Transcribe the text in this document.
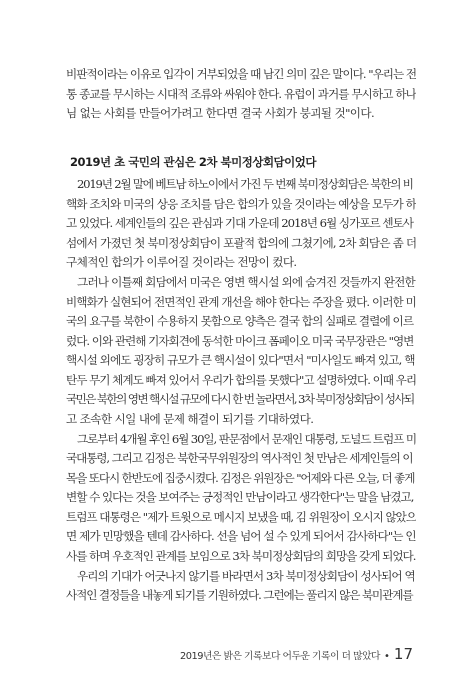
비판적이라는 이유로 입각이 거부되었을 때 남긴 의미 깊은 말이다. "우리는 전
통 종교를 무시하는 시대적 조류와 싸워야 한다. 유럽이 과거를 무시하고 하나
님 없는 사회를 만들어가려고 한다면 결국 사회가 붕괴될 것"이다.
2019년 초 국민의 관심은 2차 북미정상회담이었다
2019년 2월 말에 베트남 하노이에서 가진 두 번째 북미정상회담은 북한의 비
핵화 조치와 미국의 상응 조치를 담은 합의가 있을 것이라는 예상을 모두가 하
고 있었다. 세계인들의 깊은 관심과 기대 가운데 2018년 6월 싱가포르 센토사
섬에서 가졌던 첫 북미정상회담이 포괄적 합의에 그쳤기에, 2차 회담은 좀 더
구체적인 합의가 이루어질 것이라는 전망이 컸다.
그러나 이틀째 회담에서 미국은 영변 핵시설 외에 숨겨진 것들까지 완전한
비핵화가 실현되어 전면적인 관계 개선을 해야 한다는 주장을 폈다. 이러한 미
국의 요구를 북한이 수용하지 못함으로 양측은 결국 합의 실패로 결렬에 이르
렀다. 이와 관련해 기자회견에 동석한 마이크 폼페이오 미국 국무장관은 "영변
핵시설 외에도 굉장히 규모가 큰 핵시설이 있다"면서 "미사일도 빠져 있고, 핵
탄두 무기 체계도 빠져 있어서 우리가 합의를 못했다"고 설명하였다. 이때 우리
국민은 북한의 영변 핵시설 규모에 다시 한 번 놀라면서, 3차 북미정상회담이 성사되
고 조속한 시일 내에 문제 해결이 되기를 기대하였다.
그로부터 4개월 후인 6월 30일, 판문점에서 문재인 대통령, 도널드 트럼프 미
국대통령, 그리고 김정은 북한국무위원장의 역사적인 첫 만남은 세계인들의 이
목을 또다시 한반도에 집중시켰다. 김정은 위원장은 "어제와 다른 오늘, 더 좋게
변할 수 있다는 것을 보여주는 긍정적인 만남이라고 생각한다"는 말을 남겼고,
트럼프 대통령은 "제가 트윗으로 메시지 보냈을 때, 김 위원장이 오시지 않았으
면 제가 민망했을 텐데 감사하다. 선을 넘어 설 수 있게 되어서 감사하다"는 인
사를 하며 우호적인 관계를 보임으로 3차 북미정상회담의 희망을 갖게 되었다.
우리의 기대가 어긋나지 않기를 바라면서 3차 북미정상회담이 성사되어 역
사적인 결정들을 내놓게 되기를 기원하였다. 그런에는 풀리지 않은 북미관계를
2019년은 밝은 기록보다 어두운 기록이 더 많았다 • 17
